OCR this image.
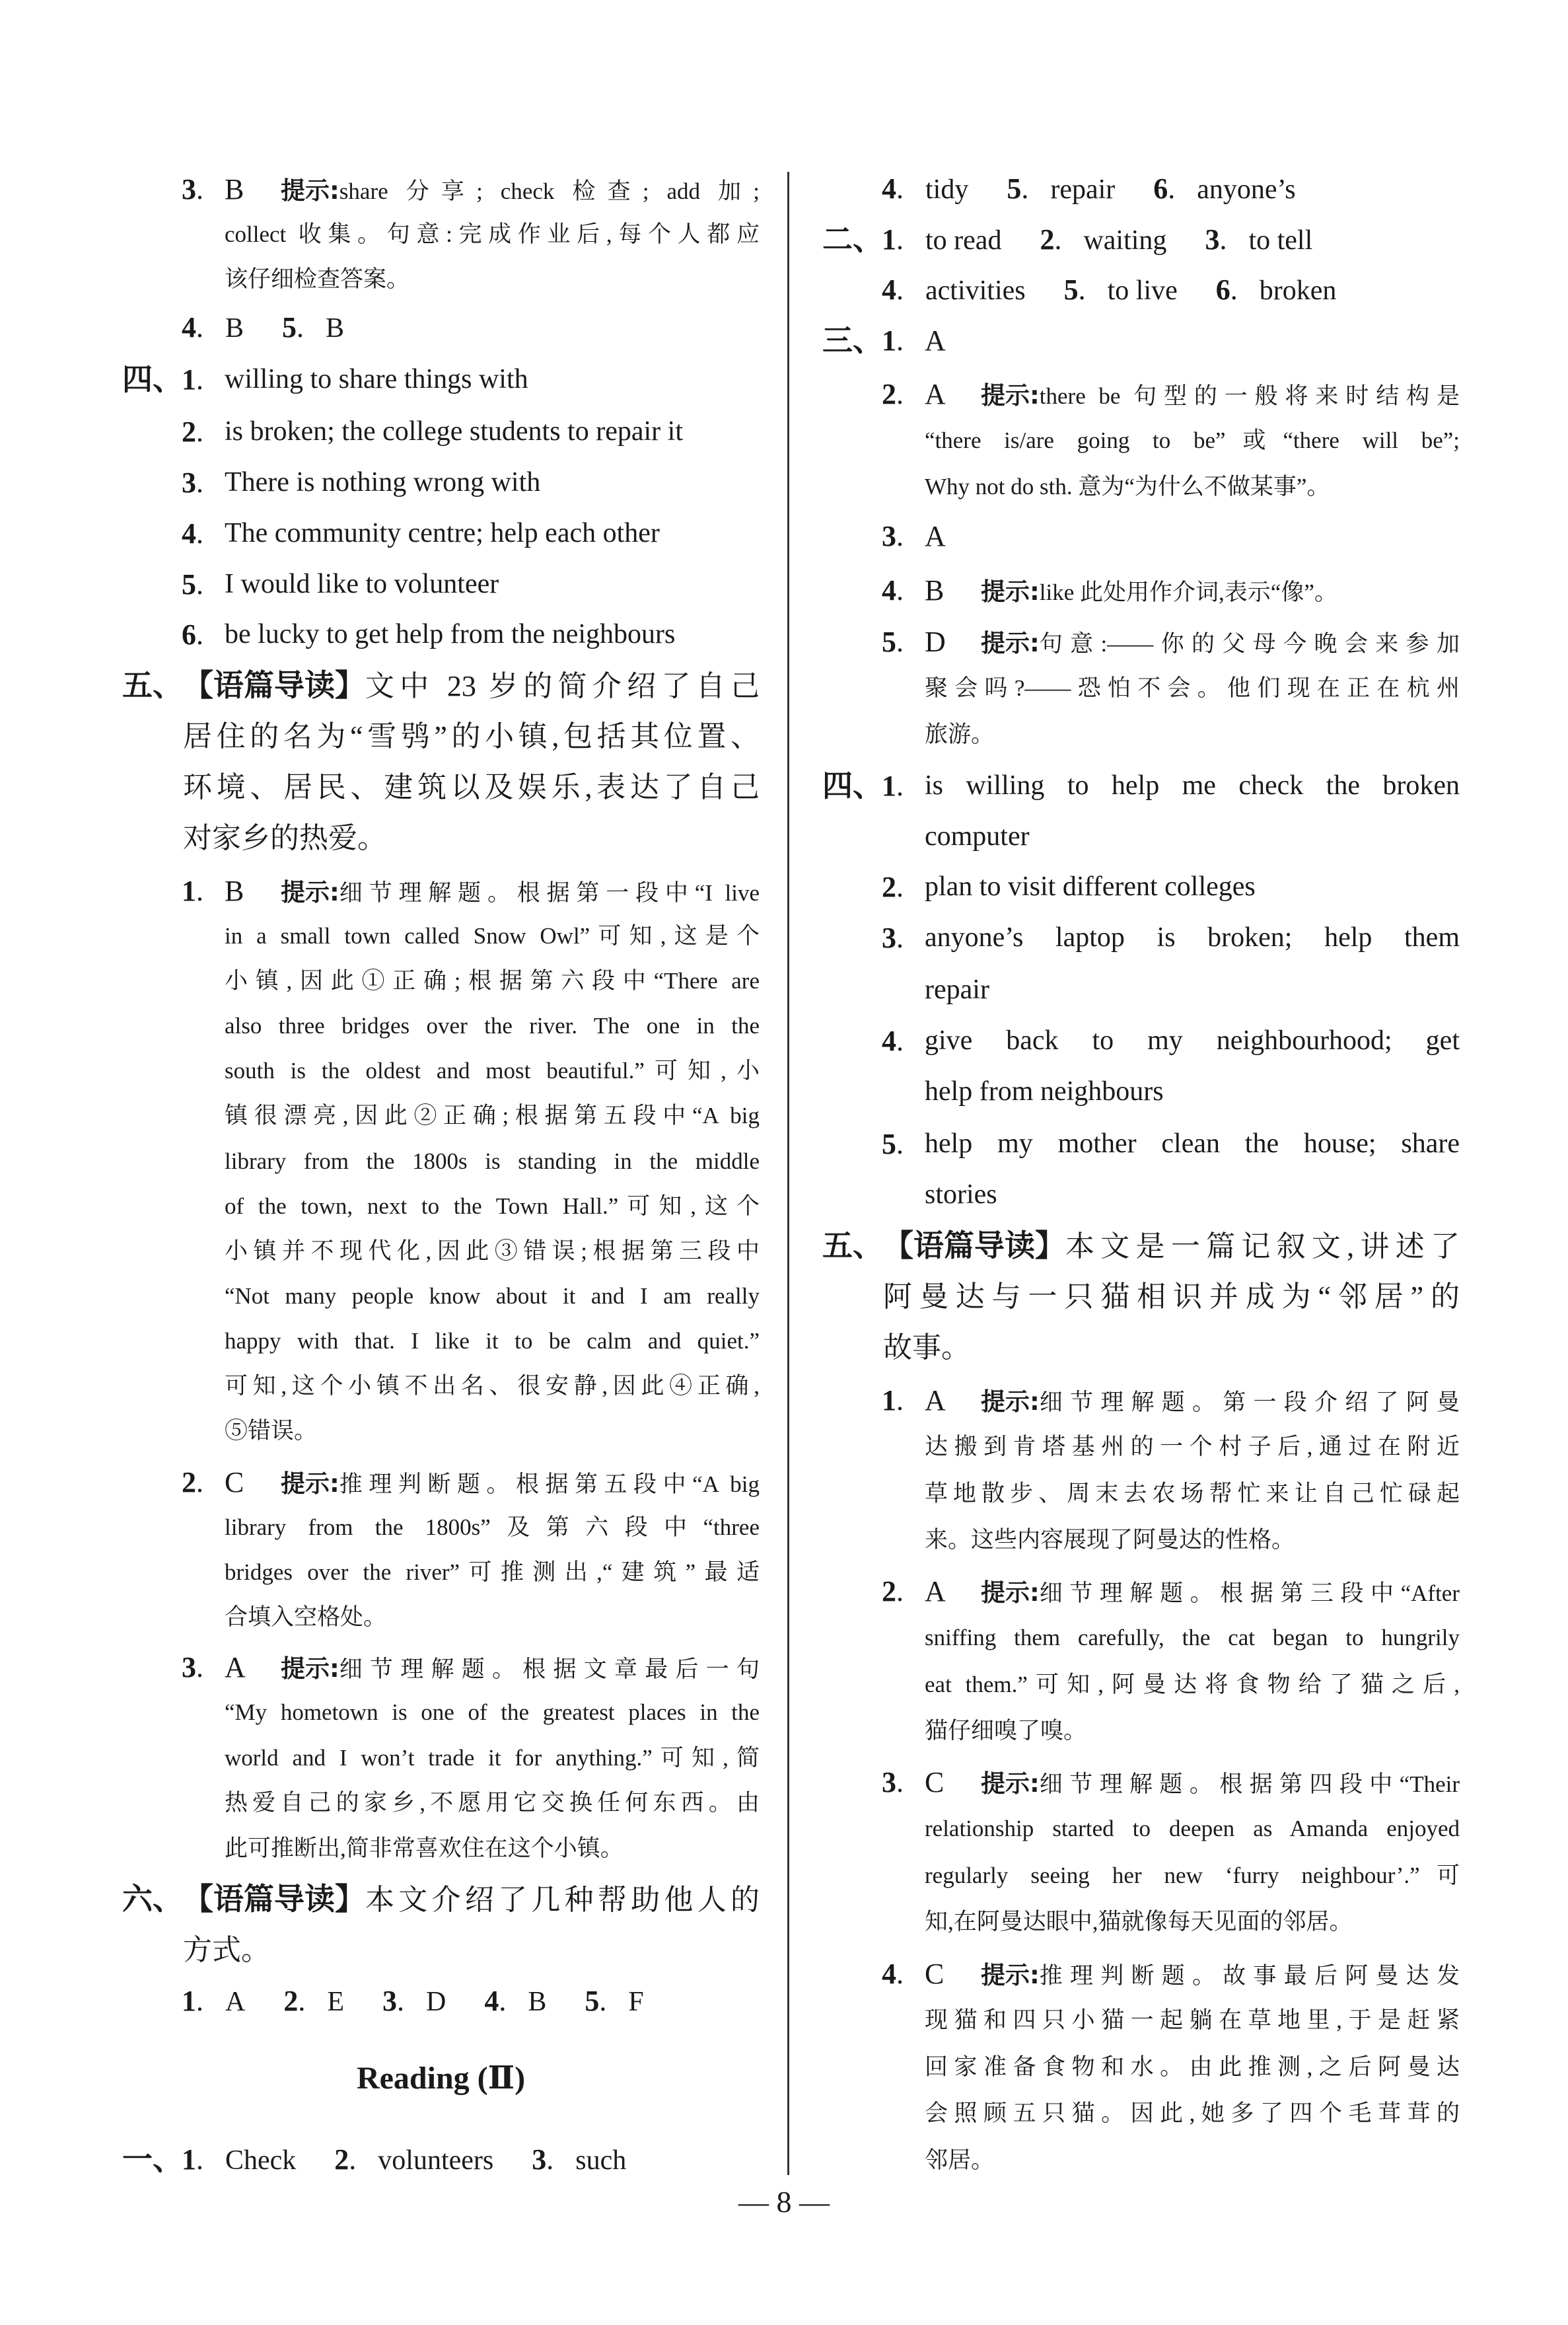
3 . B	提示: share 分享; check 检查; add 加;
collect 收集。句意:完成作业后,每个人都应
该仔细检查答案。
4 .	B 5 .	B
四、
1 . willing to share things with
2 . is broken; the college students to repair it
3 . There is nothing wrong with
4 . The community centre; help each other
5 . I would like to volunteer
6 . be lucky to get help from the neighbours
五、 【语篇导读】 文中 23 岁的简介绍了自己
居住的名为“雪鸮”的小镇,包括其位置、
环境、居民、建筑以及娱乐,表达了自己
对家乡的热爱。
1 . B	提示: 细节理解题。根据第一段中“I live
in a small town called Snow Owl”可知,这是个
小镇,因此①正确;根据第六段中“There are
also three bridges over the river. The one in the
south is the oldest and most beautiful.”可知,小
镇很漂亮,因此②正确;根据第五段中“A big
library from the 1800s is standing in the middle
of the town, next to the Town Hall.”可知,这个
小镇并不现代化,因此③错误;根据第三段中
“Not many people know about it and I am really
happy with that. I like it to be calm and quiet.”
可知,这个小镇不出名、很安静,因此④正确,
⑤错误。
2 . C	提示: 推理判断题。根据第五段中“A big
library from the 1800s”及第六段中“three
bridges over the river”可推测出,“建筑”最适
合填入空格处。
3 . A	提示: 细节理解题。根据文章最后一句
“My hometown is one of the greatest places in the
world and I won’t trade it for anything.”可知,简
热爱自己的家乡,不愿用它交换任何东西。由
此可推断出,简非常喜欢住在这个小镇。
六、 【语篇导读】 本文介绍了几种帮助他人的
方式。
1 .	A 2 .	E 3 .	D 4 .	B 5 .	F
Reading (Ⅱ)
一、
1 .	Check 2 .	volunteers 3 .	such
4 .	tidy 5 .	repair 6 .	anyone’s
二、
1 .	to read 2 .	waiting 3 .	to tell
4 .	activities 5 .	to live 6 .	broken
三、
1 . A
2 . A	提示: there be 句型的一般将来时结构是
“there is/are going to be”或“there will be”;
Why not do sth. 意为“为什么不做某事”。
3 . A
4 . B	提示: like 此处用作介词,表示“像”。
5 . D	提示: 句意:——你的父母今晚会来参加
聚会吗?——恐怕不会。他们现在正在杭州
旅游。
四、
1 . is willing to help me check the broken
computer
2 . plan to visit different colleges
3 . anyone’s laptop is broken; help them
repair
4 . give back to my neighbourhood; get
help from neighbours
5 . help my mother clean the house; share
stories
五、 【语篇导读】 本文是一篇记叙文,讲述了
阿曼达与一只猫相识并成为“邻居”的
故事。
1 . A	提示: 细节理解题。第一段介绍了阿曼
达搬到肯塔基州的一个村子后,通过在附近
草地散步、周末去农场帮忙来让自己忙碌起
来。这些内容展现了阿曼达的性格。
2 . A	提示: 细节理解题。根据第三段中“After
sniffing them carefully, the cat began to hungrily
eat them.”可知,阿曼达将食物给了猫之后,
猫仔细嗅了嗅。
3 . C	提示: 细节理解题。根据第四段中“Their
relationship started to deepen as Amanda enjoyed
regularly seeing her new ‘furry neighbour’.”可
知,在阿曼达眼中,猫就像每天见面的邻居。
4 . C	提示: 推理判断题。故事最后阿曼达发
现猫和四只小猫一起躺在草地里,于是赶紧
回家准备食物和水。由此推测,之后阿曼达
会照顾五只猫。因此,她多了四个毛茸茸的
邻居。
— 8 —
